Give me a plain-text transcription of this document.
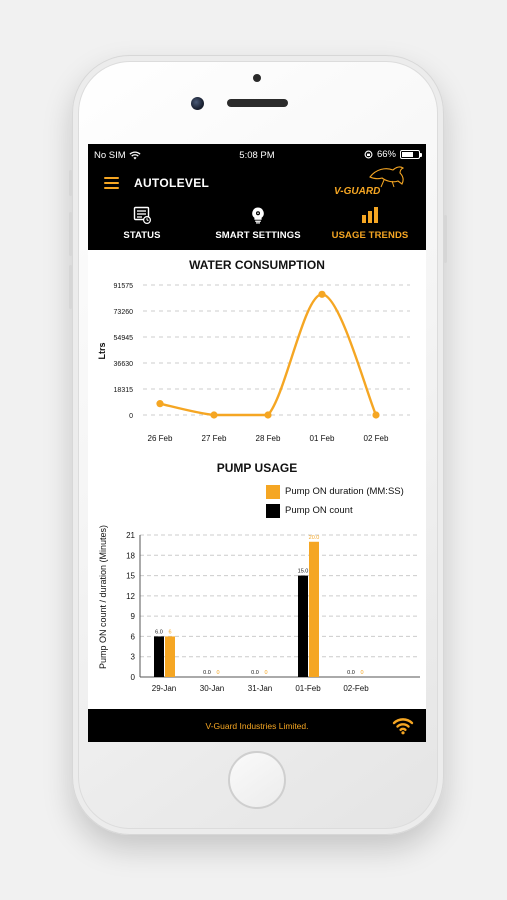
No SIM	5:08 PM	66%
AUTOLEVEL
V-GUARD
STATUS	SMART SETTINGS	USAGE TRENDS
WATER CONSUMPTION
0
18315
36630
54945
73260
91575
Ltrs
26 Feb	27 Feb	28 Feb	01 Feb	02 Feb
PUMP USAGE
Pump ON duration (MM:SS)
Pump ON count
0
3
6
9
12
15
18
21
Pump ON count / duration (Minutes)	6.0 6
29-Jan
0.0 0
30-Jan
0.0 0
31-Jan
15.0
20.0
01-Feb
0.0 0
02-Feb
V-Guard Industries Limited.
